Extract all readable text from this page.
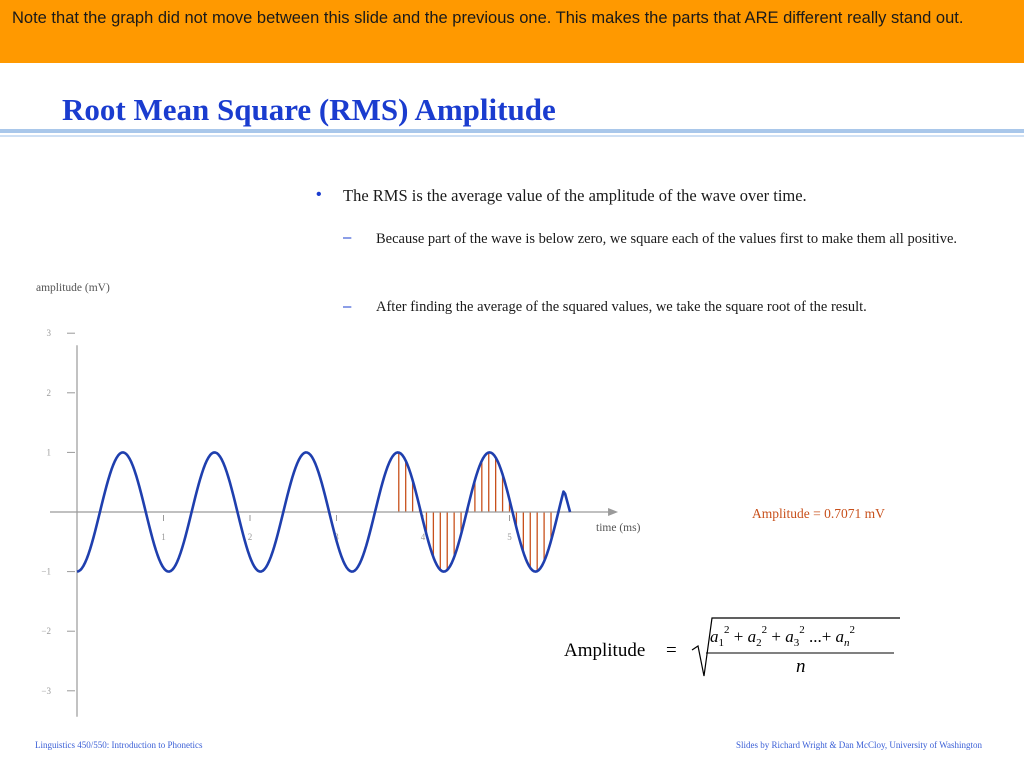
Note that the graph did not move between this slide and the previous one. This makes the parts that ARE different really stand out.
Root Mean Square (RMS) Amplitude
• The RMS is the average value of the amplitude of the wave over time.
– Because part of the wave is below zero, we square each of the values first to make them all positive.
– After finding the average of the squared values, we take the square root of the result.
3
2
1
−1
−2
−3
1	2	3	4	5
amplitude (mV)
time (ms)
Amplitude = 0.7071 mV
Amplitude =
$a_1^2 + a_2^2 + a_3^2$ ...+ $a_n^2$
n
Linguistics 450/550: Introduction to Phonetics	Slides by Richard Wright & Dan McCloy, University of Washington
